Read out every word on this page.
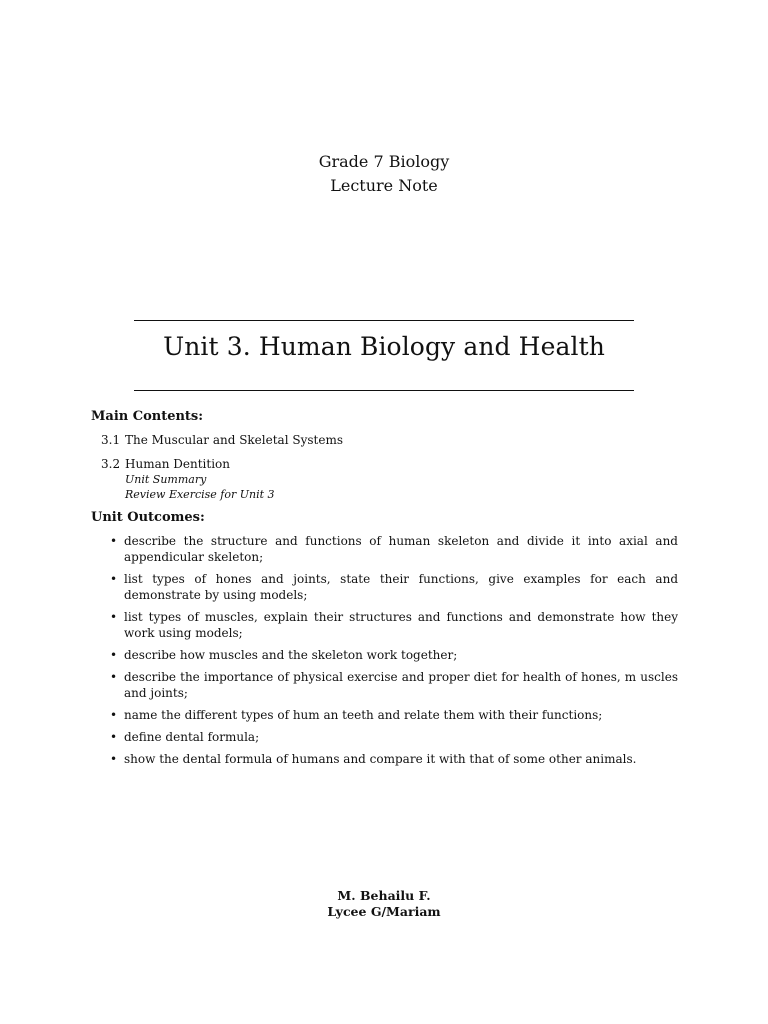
Grade 7 Biology
Lecture Note
Unit 3. Human Biology and Health
Main Contents:
3.1 The Muscular and Skeletal Systems
3.2 Human Dentition
Unit Summary
Review Exercise for Unit 3
Unit Outcomes:
• describe the structure and functions of human skeleton and divide it into axial and appendicular skeleton;
• list types of hones and joints, state their functions, give examples for each and demonstrate by using models;
• list types of muscles, explain their structures and functions and demonstrate how they work using models;
• describe how muscles and the skeleton work together;
• describe the importance of physical exercise and proper diet for health of hones, m uscles and joints;
• name the different types of hum an teeth and relate them with their functions;
• define dental formula;
• show the dental formula of humans and compare it with that of some other animals.
M. Behailu F.
Lycee G/Mariam
